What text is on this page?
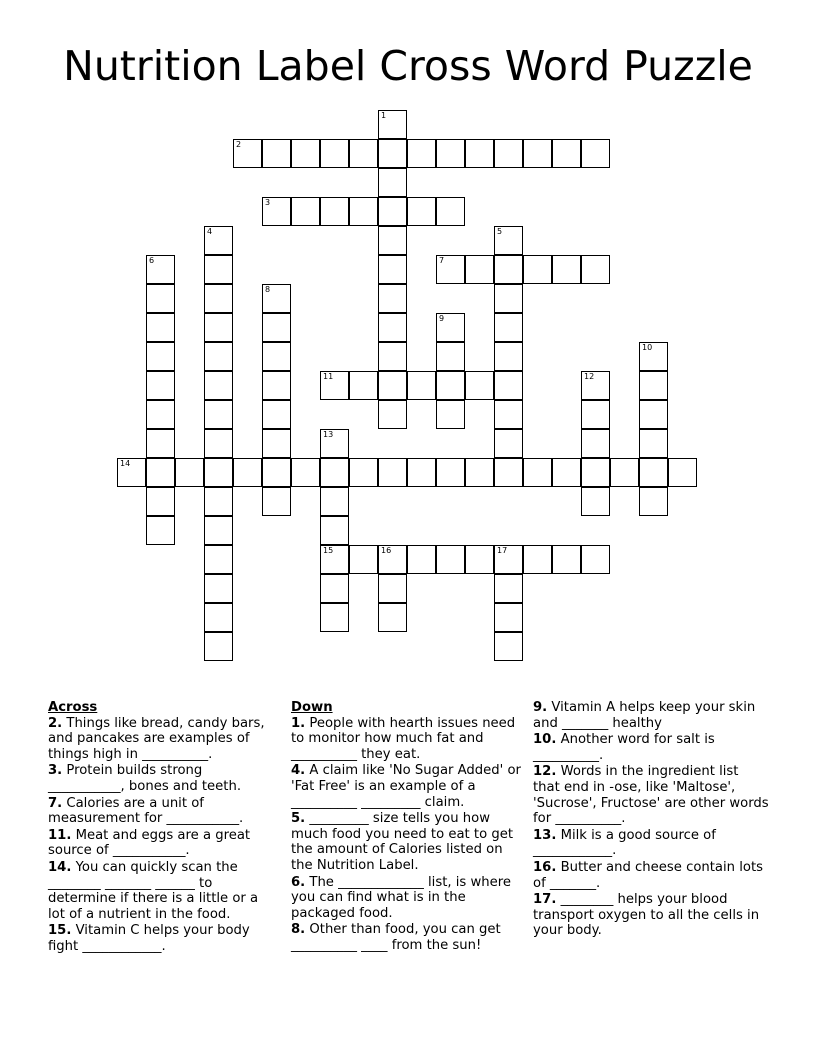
Nutrition Label Cross Word Puzzle
1
2
3
4	5
6	7
8
9
10
11	12
13
15
14
16	17
Across
2. Things like bread, candy bars, and pancakes are examples of things high in __________.
3. Protein builds strong ___________, bones and teeth.
7. Calories are a unit of measurement for ___________.
11. Meat and eggs are a great source of ___________.
14. You can quickly scan the ________ _______ ______ to determine if there is a little or a lot of a nutrient in the food.
15. Vitamin C helps your body fight ____________.
Down
1. People with hearth issues need to monitor how much fat and __________ they eat.
4. A claim like 'No Sugar Added' or 'Fat Free' is an example of a __________ _________ claim.
5. _________ size tells you how much food you need to eat to get the amount of Calories listed on the Nutrition Label.
6. The _____________ list, is where you can find what is in the packaged food.
8. Other than food, you can get __________ ____ from the sun!
9. Vitamin A helps keep your skin and _______ healthy
10. Another word for salt is __________.
12. Words in the ingredient list that end in -ose, like 'Maltose', 'Sucrose', Fructose' are other words for __________.
13. Milk is a good source of ____________.
16. Butter and cheese contain lots of _______.
17. ________ helps your blood transport oxygen to all the cells in your body.
